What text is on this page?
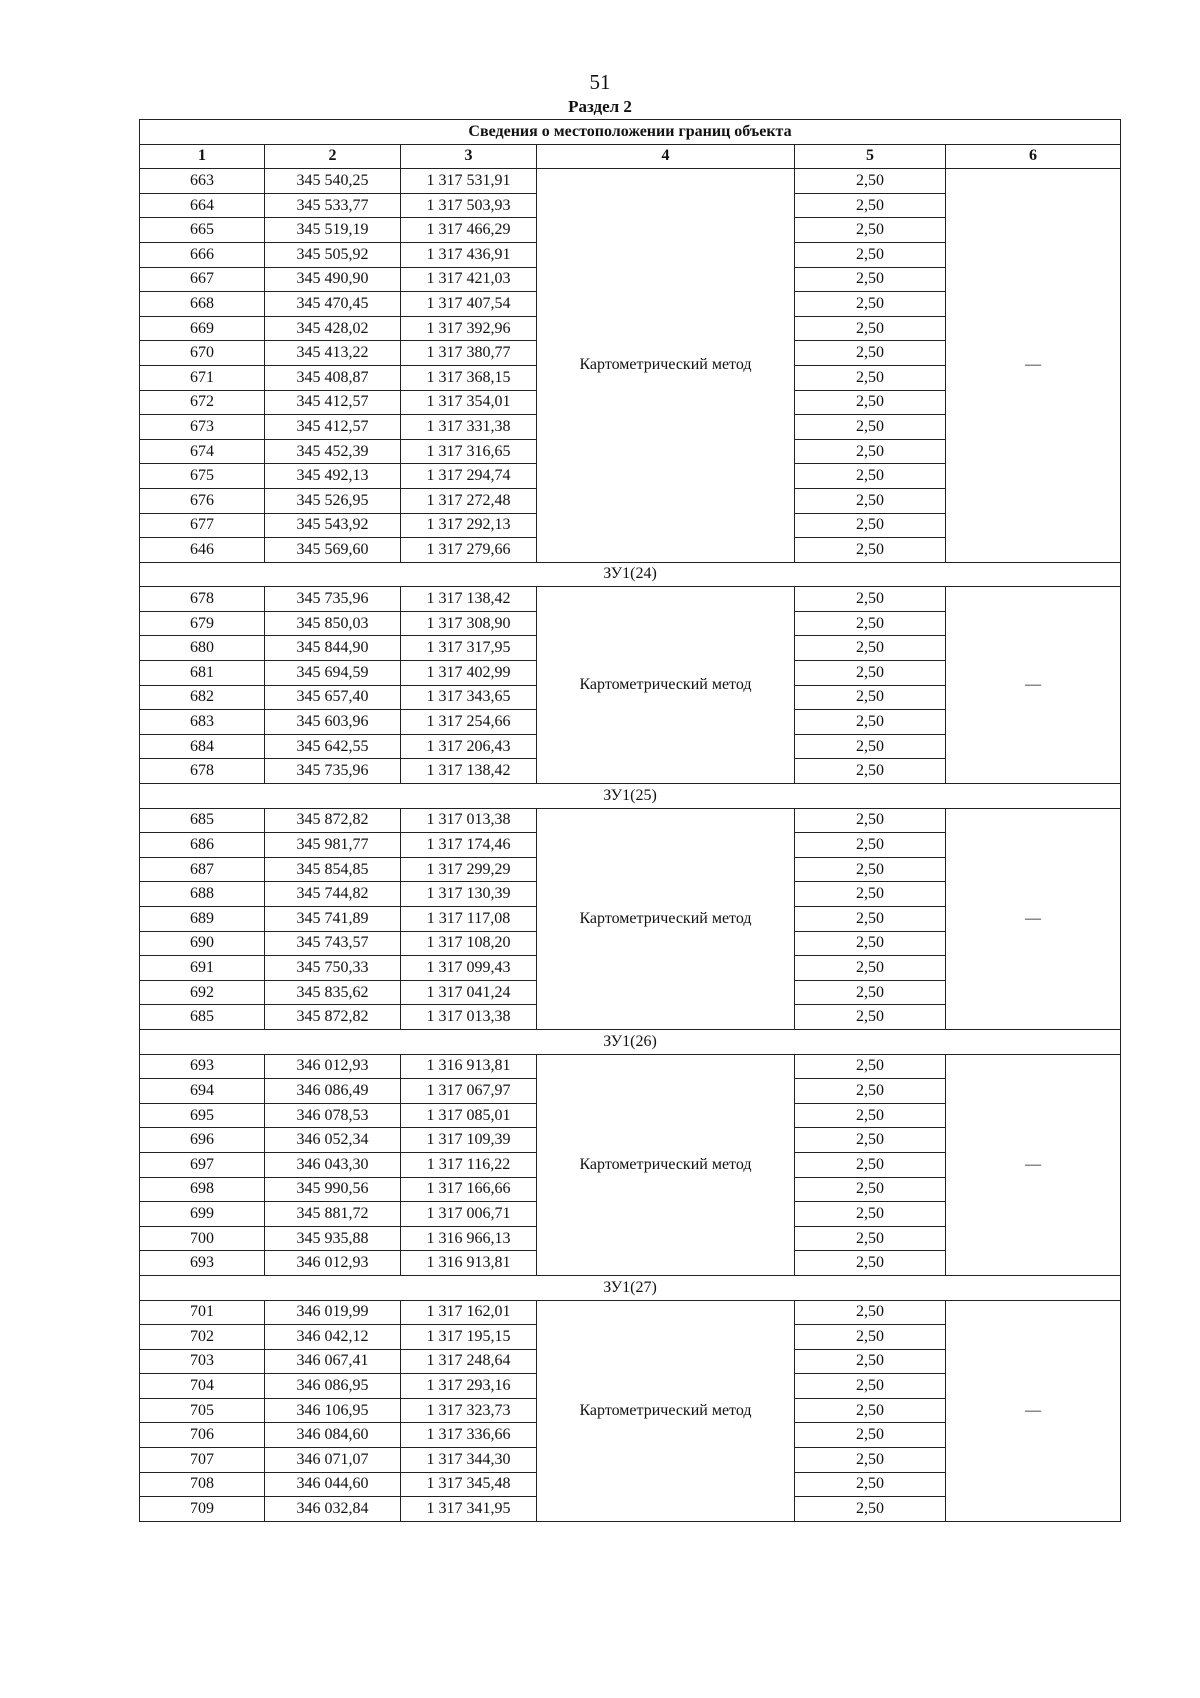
51
Раздел 2
Сведения о местоположении границ объекта					
1	2	3	4	5	6
663	345 540,25	1 317 531,91	Картометрический метод	2,50	—
664	345 533,77	1 317 503,93		2,50	
665	345 519,19	1 317 466,29		2,50	
666	345 505,92	1 317 436,91		2,50	
667	345 490,90	1 317 421,03		2,50	
668	345 470,45	1 317 407,54		2,50	
669	345 428,02	1 317 392,96		2,50	
670	345 413,22	1 317 380,77		2,50	
671	345 408,87	1 317 368,15		2,50	
672	345 412,57	1 317 354,01		2,50	
673	345 412,57	1 317 331,38		2,50	
674	345 452,39	1 317 316,65		2,50	
675	345 492,13	1 317 294,74		2,50	
676	345 526,95	1 317 272,48		2,50	
677	345 543,92	1 317 292,13		2,50	
646	345 569,60	1 317 279,66		2,50	
ЗУ1(24)					
678	345 735,96	1 317 138,42	Картометрический метод	2,50	—
679	345 850,03	1 317 308,90		2,50	
680	345 844,90	1 317 317,95		2,50	
681	345 694,59	1 317 402,99		2,50	
682	345 657,40	1 317 343,65		2,50	
683	345 603,96	1 317 254,66		2,50	
684	345 642,55	1 317 206,43		2,50	
678	345 735,96	1 317 138,42		2,50	
ЗУ1(25)					
685	345 872,82	1 317 013,38	Картометрический метод	2,50	—
686	345 981,77	1 317 174,46		2,50	
687	345 854,85	1 317 299,29		2,50	
688	345 744,82	1 317 130,39		2,50	
689	345 741,89	1 317 117,08		2,50	
690	345 743,57	1 317 108,20		2,50	
691	345 750,33	1 317 099,43		2,50	
692	345 835,62	1 317 041,24		2,50	
685	345 872,82	1 317 013,38		2,50	
ЗУ1(26)					
693	346 012,93	1 316 913,81	Картометрический метод	2,50	—
694	346 086,49	1 317 067,97		2,50	
695	346 078,53	1 317 085,01		2,50	
696	346 052,34	1 317 109,39		2,50	
697	346 043,30	1 317 116,22		2,50	
698	345 990,56	1 317 166,66		2,50	
699	345 881,72	1 317 006,71		2,50	
700	345 935,88	1 316 966,13		2,50	
693	346 012,93	1 316 913,81		2,50	
ЗУ1(27)					
701	346 019,99	1 317 162,01	Картометрический метод	2,50	—
702	346 042,12	1 317 195,15		2,50	
703	346 067,41	1 317 248,64		2,50	
704	346 086,95	1 317 293,16		2,50	
705	346 106,95	1 317 323,73		2,50	
706	346 084,60	1 317 336,66		2,50	
707	346 071,07	1 317 344,30		2,50	
708	346 044,60	1 317 345,48		2,50	
709	346 032,84	1 317 341,95		2,50	
